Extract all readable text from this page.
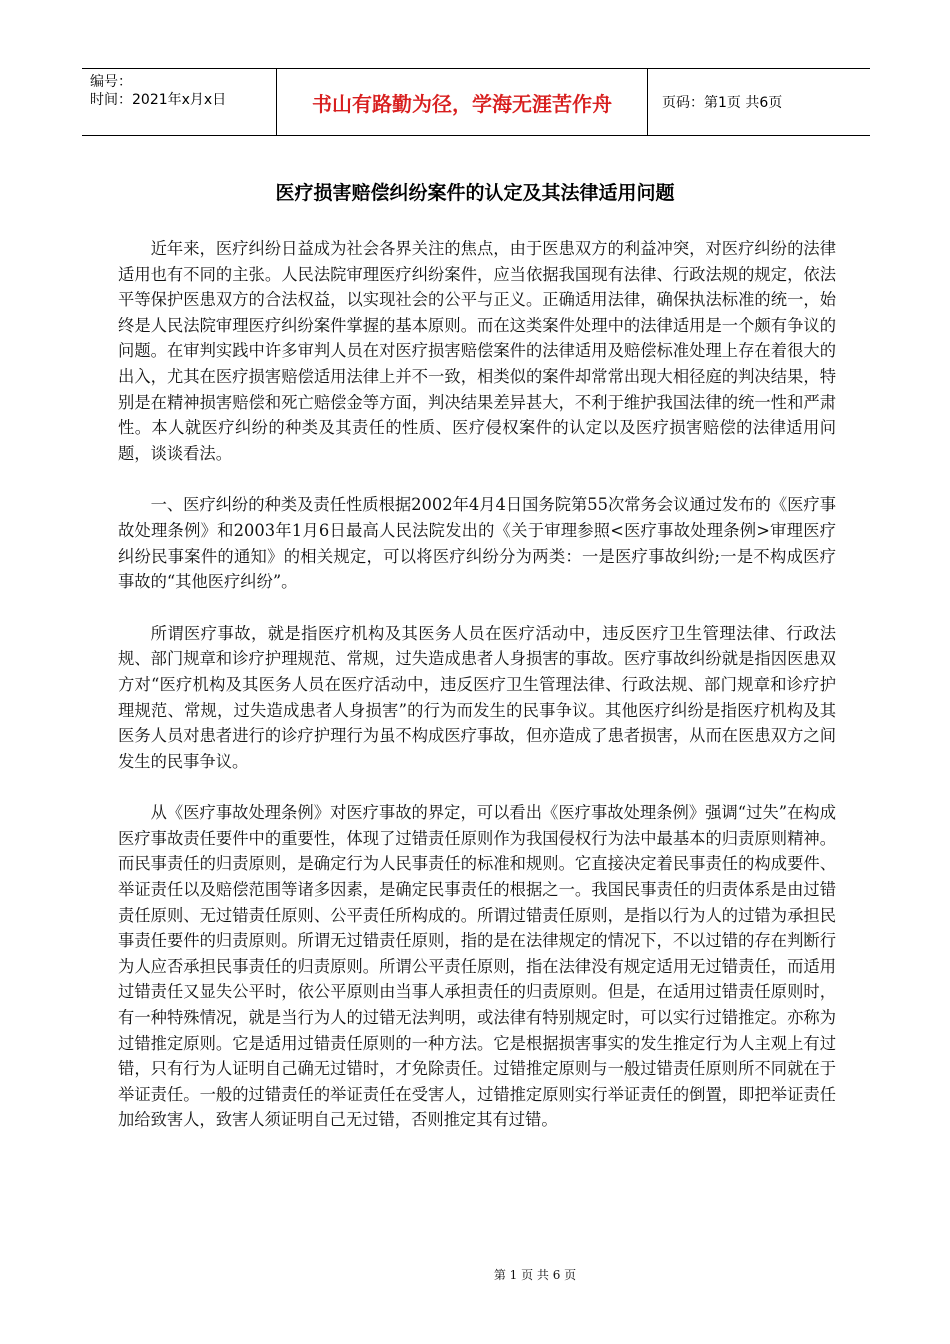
编号：
时间：2021年x月x日	书山有路勤为径，学海无涯苦作舟	页码：第1页 共6页
医疗损害赔偿纠纷案件的认定及其法律适用问题

近年来，医疗纠纷日益成为社会各界关注的焦点，由于医患双方的利益冲突，对医疗纠纷的法律适用也有不同的主张。人民法院审理医疗纠纷案件，应当依据我国现有法律、行政法规的规定，依法平等保护医患双方的合法权益，以实现社会的公平与正义。正确适用法律，确保执法标准的统一，始终是人民法院审理医疗纠纷案件掌握的基本原则。而在这类案件处理中的法律适用是一个颇有争议的问题。在审判实践中许多审判人员在对医疗损害赔偿案件的法律适用及赔偿标准处理上存在着很大的出入，尤其在医疗损害赔偿适用法律上并不一致，相类似的案件却常常出现大相径庭的判决结果，特别是在精神损害赔偿和死亡赔偿金等方面，判决结果差异甚大，不利于维护我国法律的统一性和严肃性。本人就医疗纠纷的种类及其责任的性质、医疗侵权案件的认定以及医疗损害赔偿的法律适用问题，谈谈看法。

一、医疗纠纷的种类及责任性质根据2002年4月4日国务院第55次常务会议通过发布的《医疗事故处理条例》和2003年1月6日最高人民法院发出的《关于审理参照<医疗事故处理条例>审理医疗纠纷民事案件的通知》的相关规定，可以将医疗纠纷分为两类：一是医疗事故纠纷;一是不构成医疗事故的“其他医疗纠纷”。

所谓医疗事故，就是指医疗机构及其医务人员在医疗活动中，违反医疗卫生管理法律、行政法规、部门规章和诊疗护理规范、常规，过失造成患者人身损害的事故。医疗事故纠纷就是指因医患双方对“医疗机构及其医务人员在医疗活动中，违反医疗卫生管理法律、行政法规、部门规章和诊疗护理规范、常规，过失造成患者人身损害”的行为而发生的民事争议。其他医疗纠纷是指医疗机构及其医务人员对患者进行的诊疗护理行为虽不构成医疗事故，但亦造成了患者损害，从而在医患双方之间发生的民事争议。

从《医疗事故处理条例》对医疗事故的界定，可以看出《医疗事故处理条例》强调“过失”在构成医疗事故责任要件中的重要性，体现了过错责任原则作为我国侵权行为法中最基本的归责原则精神。而民事责任的归责原则，是确定行为人民事责任的标准和规则。它直接决定着民事责任的构成要件、举证责任以及赔偿范围等诸多因素，是确定民事责任的根据之一。我国民事责任的归责体系是由过错责任原则、无过错责任原则、公平责任所构成的。所谓过错责任原则，是指以行为人的过错为承担民事责任要件的归责原则。所谓无过错责任原则，指的是在法律规定的情况下，不以过错的存在判断行为人应否承担民事责任的归责原则。所谓公平责任原则，指在法律没有规定适用无过错责任，而适用过错责任又显失公平时，依公平原则由当事人承担责任的归责原则。但是，在适用过错责任原则时，有一种特殊情况，就是当行为人的过错无法判明，或法律有特别规定时，可以实行过错推定。亦称为过错推定原则。它是适用过错责任原则的一种方法。它是根据损害事实的发生推定行为人主观上有过错，只有行为人证明自己确无过错时，才免除责任。过错推定原则与一般过错责任原则所不同就在于举证责任。一般的过错责任的举证责任在受害人，过错推定原则实行举证责任的倒置，即把举证责任加给致害人，致害人须证明自己无过错，否则推定其有过错。

第 1 页 共 6 页
